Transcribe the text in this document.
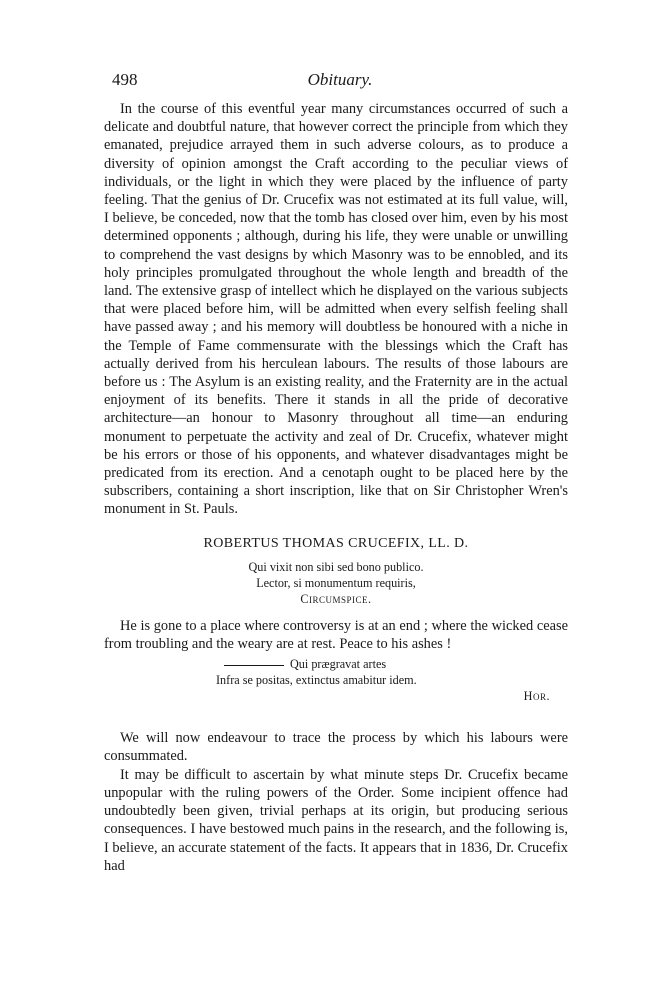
498	Obituary.

In the course of this eventful year many circumstances occurred of such a delicate and doubtful nature, that however correct the principle from which they emanated, prejudice arrayed them in such adverse colours, as to produce a diversity of opinion amongst the Craft according to the peculiar views of individuals, or the light in which they were placed by the influence of party feeling. That the genius of Dr. Crucefix was not estimated at its full value, will, I believe, be conceded, now that the tomb has closed over him, even by his most determined opponents ; although, during his life, they were unable or unwilling to comprehend the vast designs by which Masonry was to be ennobled, and its holy principles promulgated throughout the whole length and breadth of the land. The extensive grasp of intellect which he displayed on the various subjects that were placed before him, will be admitted when every selfish feeling shall have passed away ; and his memory will doubtless be honoured with a niche in the Temple of Fame commensurate with the blessings which the Craft has actually derived from his herculean labours. The results of those labours are before us : The Asylum is an existing reality, and the Fraternity are in the actual enjoyment of its benefits. There it stands in all the pride of decorative architecture—an honour to Masonry throughout all time—an enduring monument to perpetuate the activity and zeal of Dr. Crucefix, whatever might be his errors or those of his opponents, and whatever disadvantages might be predicated from its erection. And a cenotaph ought to be placed here by the subscribers, containing a short inscription, like that on Sir Christopher Wren's monument in St. Pauls.

ROBERTUS THOMAS CRUCEFIX, LL. D.
Qui vixit non sibi sed bono publico.
Lector, si monumentum requiris,
Circumspice.

He is gone to a place where controversy is at an end ; where the wicked cease from troubling and the weary are at rest. Peace to his ashes !

Qui prægravat artes
Infra se positas, extinctus amabitur idem.
Hor.

We will now endeavour to trace the process by which his labours were consummated.

It may be difficult to ascertain by what minute steps Dr. Crucefix became unpopular with the ruling powers of the Order. Some incipient offence had undoubtedly been given, trivial perhaps at its origin, but producing serious consequences. I have bestowed much pains in the research, and the following is, I believe, an accurate statement of the facts. It appears that in 1836, Dr. Crucefix had
